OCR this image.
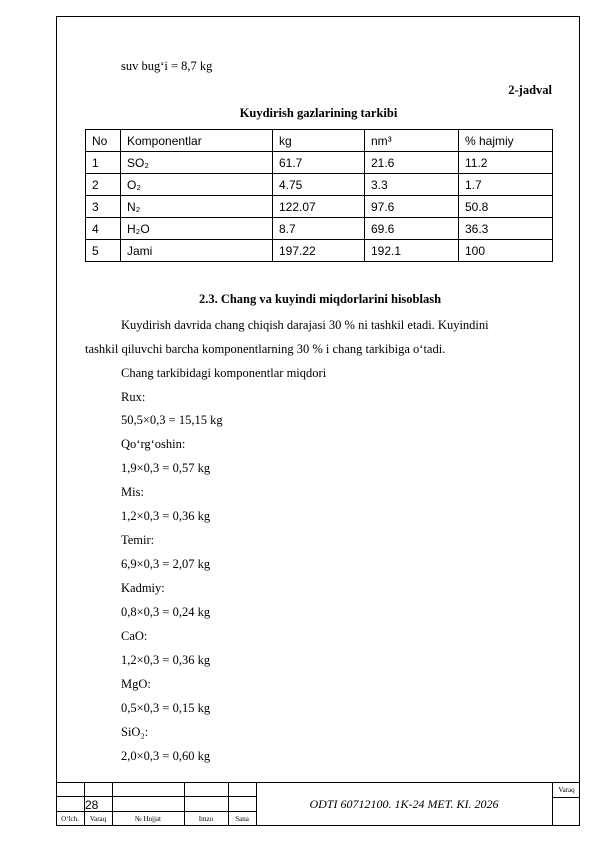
suv bug‘i = 8,7 kg
2-jadval
Kuydirish gazlarining tarkibi
No	Komponentlar	kg	nm³	% hajmiy
1	SO₂	61.7	21.6	11.2
2	O₂	4.75	3.3	1.7
3	N₂	122.07	97.6	50.8
4	H₂O	8.7	69.6	36.3
5	Jami	197.22	192.1	100
2.3. Chang va kuyindi miqdorlarini hisoblash
Kuydirish davrida chang chiqish darajasi 30 % ni tashkil etadi. Kuyindini
tashkil qiluvchi barcha komponentlarning 30 % i chang tarkibiga o‘tadi.
Chang tarkibidagi komponentlar miqdori
Rux:
50,5×0,3 = 15,15 kg
Qo‘rg‘oshin:
1,9×0,3 = 0,57 kg
Mis:
1,2×0,3 = 0,36 kg
Temir:
6,9×0,3 = 2,07 kg
Kadmiy:
0,8×0,3 = 0,24 kg
CaO:
1,2×0,3 = 0,36 kg
MgO:
0,5×0,3 = 0,15 kg
SiO₂:
2,0×0,3 = 0,60 kg
28	ODTI 60712100. 1K-24 MET. KI. 2026
Varaq
O‘lch.	Varaq	№ Hujjat	Imzo	Sana
